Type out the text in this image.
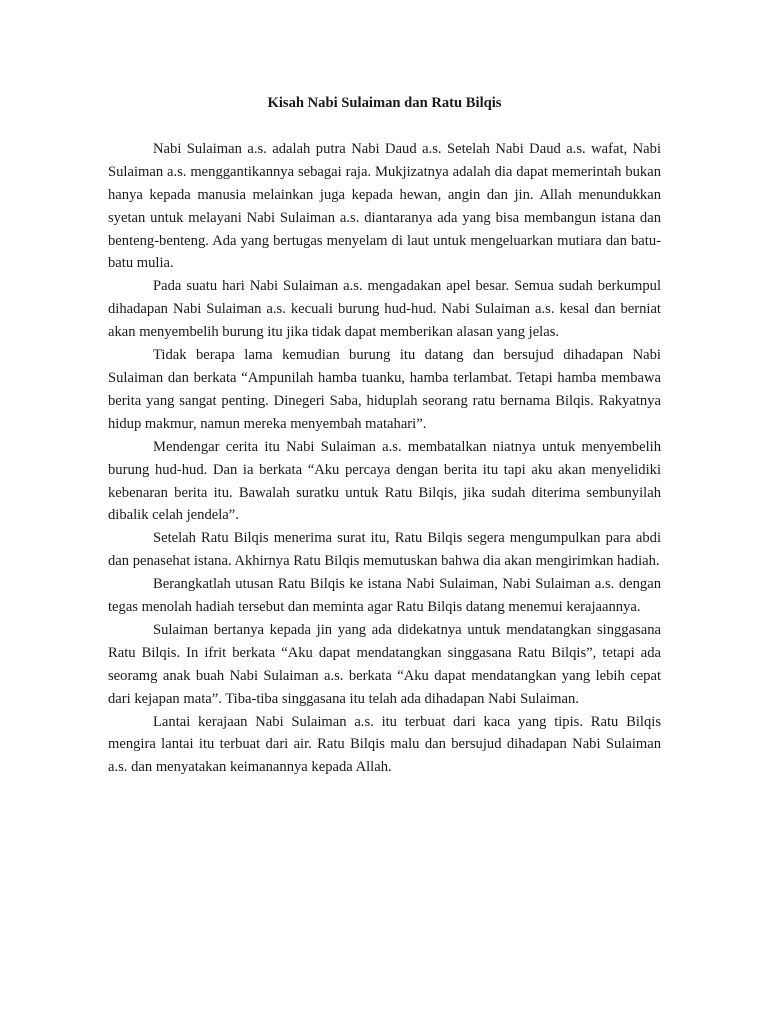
Kisah Nabi Sulaiman dan Ratu Bilqis

Nabi Sulaiman a.s. adalah putra Nabi Daud a.s. Setelah Nabi Daud a.s. wafat, Nabi Sulaiman a.s. menggantikannya sebagai raja. Mukjizatnya adalah dia dapat memerintah bukan hanya kepada manusia melainkan juga kepada hewan, angin dan jin. Allah menundukkan syetan untuk melayani Nabi Sulaiman a.s. diantaranya ada yang bisa membangun istana dan benteng-benteng. Ada yang bertugas menyelam di laut untuk mengeluarkan mutiara dan batu-batu mulia.

Pada suatu hari Nabi Sulaiman a.s. mengadakan apel besar. Semua sudah berkumpul dihadapan Nabi Sulaiman a.s. kecuali burung hud-hud. Nabi Sulaiman a.s. kesal dan berniat akan menyembelih burung itu jika tidak dapat memberikan alasan yang jelas.

Tidak berapa lama kemudian burung itu datang dan bersujud dihadapan Nabi Sulaiman dan berkata “Ampunilah hamba tuanku, hamba terlambat. Tetapi hamba membawa berita yang sangat penting. Dinegeri Saba, hiduplah seorang ratu bernama Bilqis. Rakyatnya hidup makmur, namun mereka menyembah matahari”.

Mendengar cerita itu Nabi Sulaiman a.s. membatalkan niatnya untuk menyembelih burung hud-hud. Dan ia berkata “Aku percaya dengan berita itu tapi aku akan menyelidiki kebenaran berita itu. Bawalah suratku untuk Ratu Bilqis, jika sudah diterima sembunyilah dibalik celah jendela”.

Setelah Ratu Bilqis menerima surat itu, Ratu Bilqis segera mengumpulkan para abdi dan penasehat istana. Akhirnya Ratu Bilqis memutuskan bahwa dia akan mengirimkan hadiah.

Berangkatlah utusan Ratu Bilqis ke istana Nabi Sulaiman, Nabi Sulaiman a.s. dengan tegas menolah hadiah tersebut dan meminta agar Ratu Bilqis datang menemui kerajaannya.

Sulaiman bertanya kepada jin yang ada didekatnya untuk mendatangkan singgasana Ratu Bilqis. In ifrit berkata “Aku dapat mendatangkan singgasana Ratu Bilqis”, tetapi ada seoramg anak buah Nabi Sulaiman a.s. berkata “Aku dapat mendatangkan yang lebih cepat dari kejapan mata”. Tiba-tiba singgasana itu telah ada dihadapan Nabi Sulaiman.

Lantai kerajaan Nabi Sulaiman a.s. itu terbuat dari kaca yang tipis. Ratu Bilqis mengira lantai itu terbuat dari air. Ratu Bilqis malu dan bersujud dihadapan Nabi Sulaiman a.s. dan menyatakan keimanannya kepada Allah.
